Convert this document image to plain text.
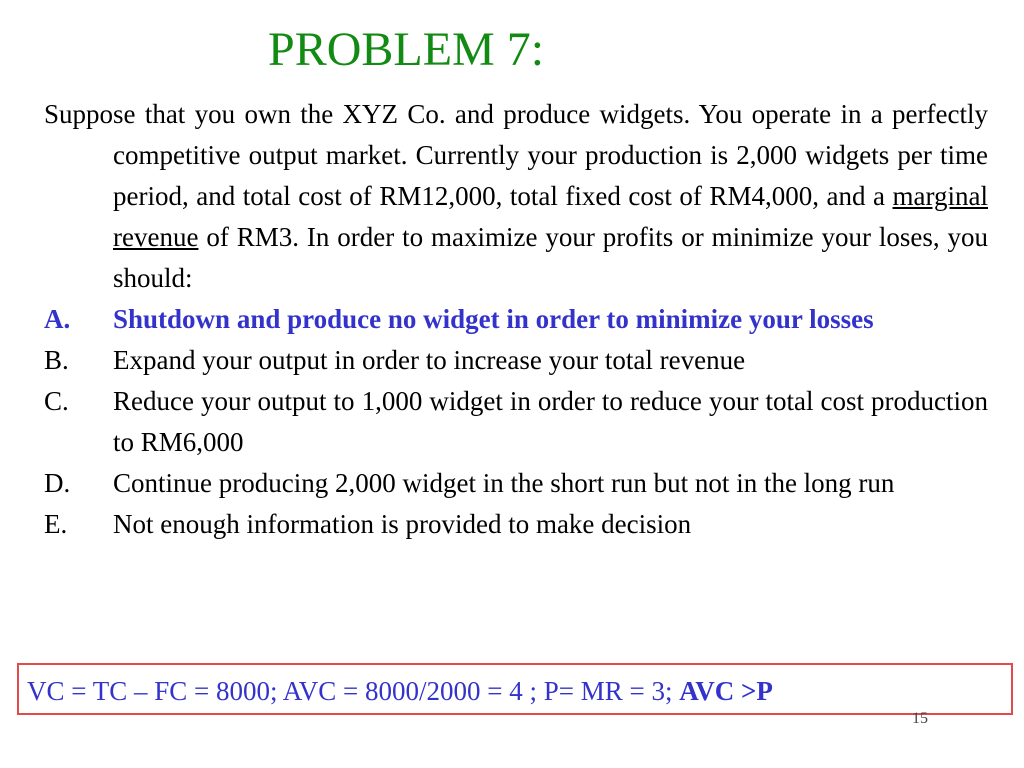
PROBLEM 7:

Suppose that you own the XYZ Co. and produce widgets. You operate in a perfectly competitive output market. Currently your production is 2,000 widgets per time period, and total cost of RM12,000, total fixed cost of RM4,000, and a marginal revenue of RM3. In order to maximize your profits or minimize your loses, you should:

A. Shutdown and produce no widget in order to minimize your losses
B. Expand your output in order to increase your total revenue
C. Reduce your output to 1,000 widget in order to reduce your total cost production to RM6,000
D. Continue producing 2,000 widget in the short run but not in the long run
E. Not enough information is provided to make decision
VC = TC – FC = 8000; AVC = 8000/2000 = 4 ; P= MR = 3; AVC >P
15
